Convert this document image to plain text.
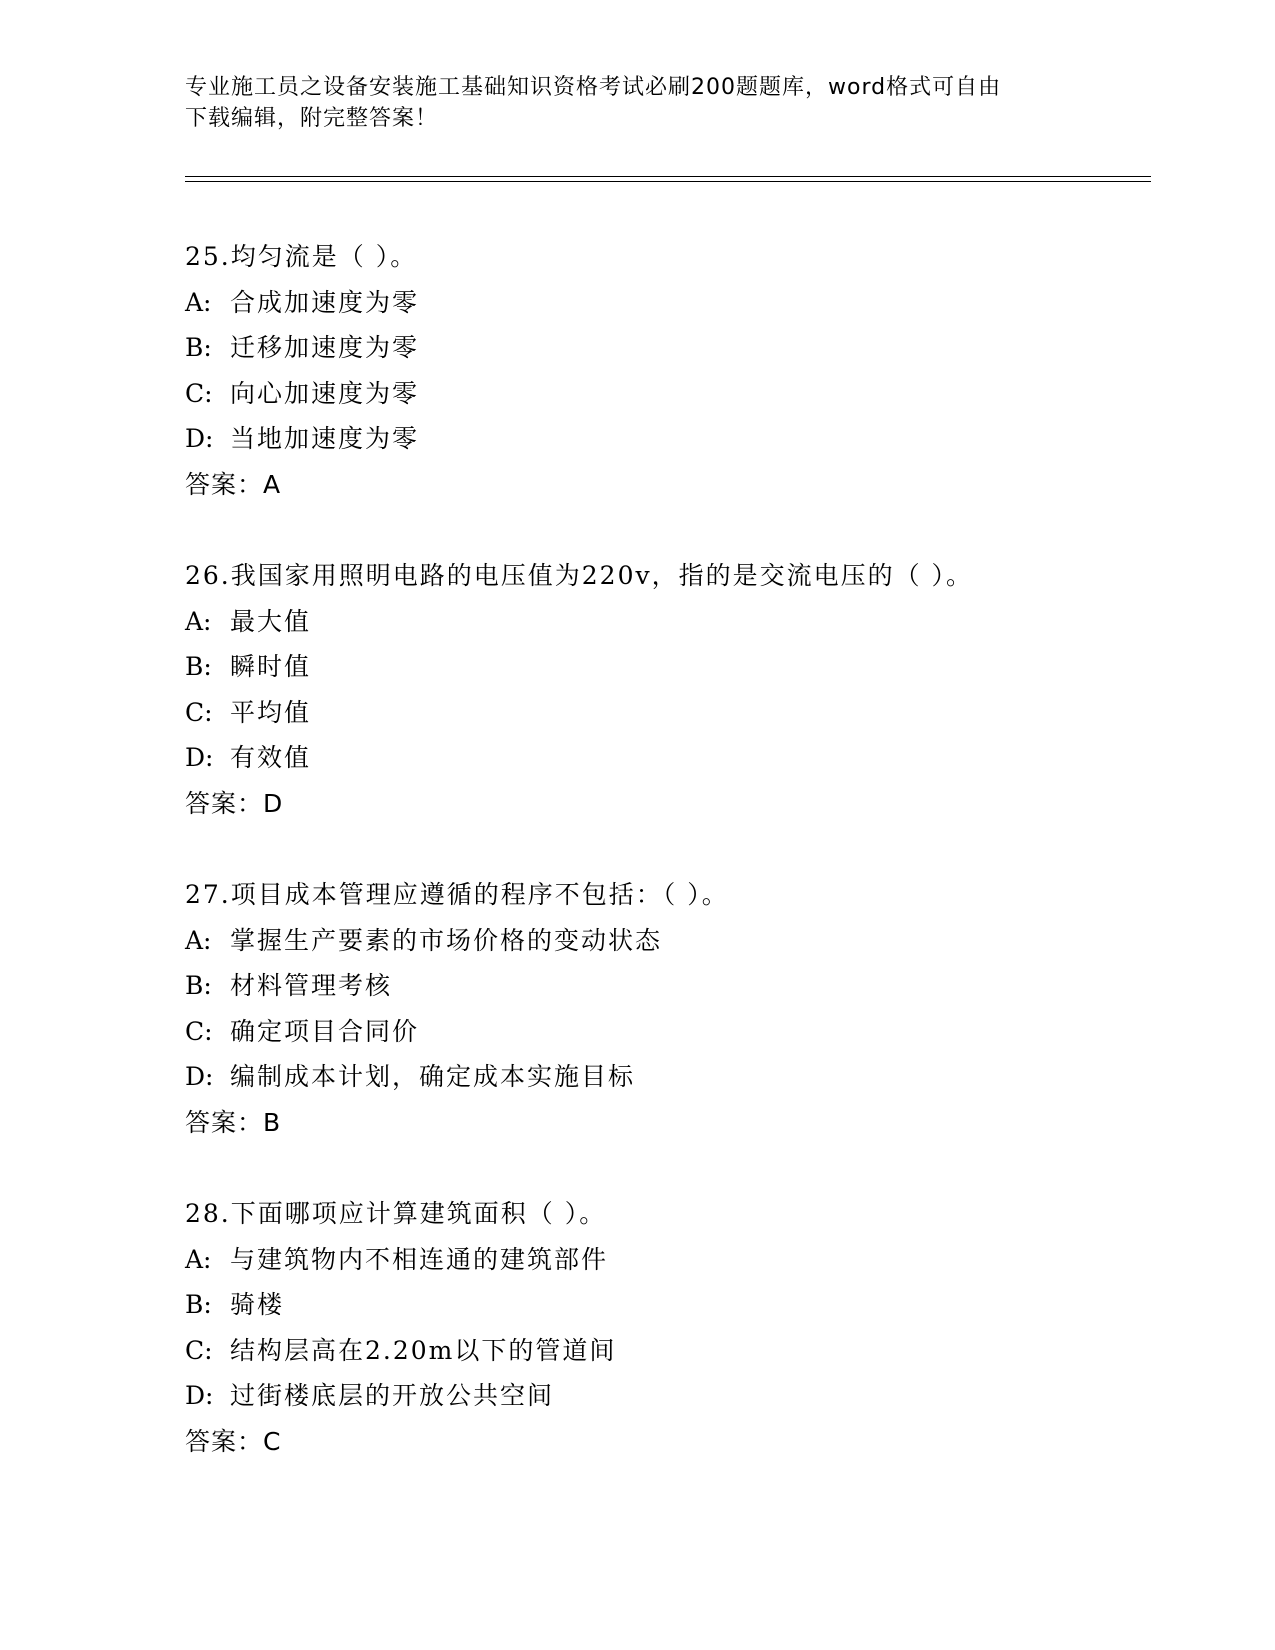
专业施工员之设备安装施工基础知识资格考试必刷200题题库，word格式可自由

下载编辑，附完整答案！

25.均匀流是（ ）。
A: 合成加速度为零
B: 迁移加速度为零
C: 向心加速度为零
D: 当地加速度为零
答案：A
26.我国家用照明电路的电压值为220v，指的是交流电压的（ ）。
A: 最大值
B: 瞬时值
C: 平均值
D: 有效值
答案：D
27.项目成本管理应遵循的程序不包括：（ ）。
A: 掌握生产要素的市场价格的变动状态
B: 材料管理考核
C: 确定项目合同价
D: 编制成本计划，确定成本实施目标
答案：B
28.下面哪项应计算建筑面积（ ）。
A: 与建筑物内不相连通的建筑部件
B: 骑楼
C: 结构层高在2.20m以下的管道间
D: 过街楼底层的开放公共空间
答案：C
